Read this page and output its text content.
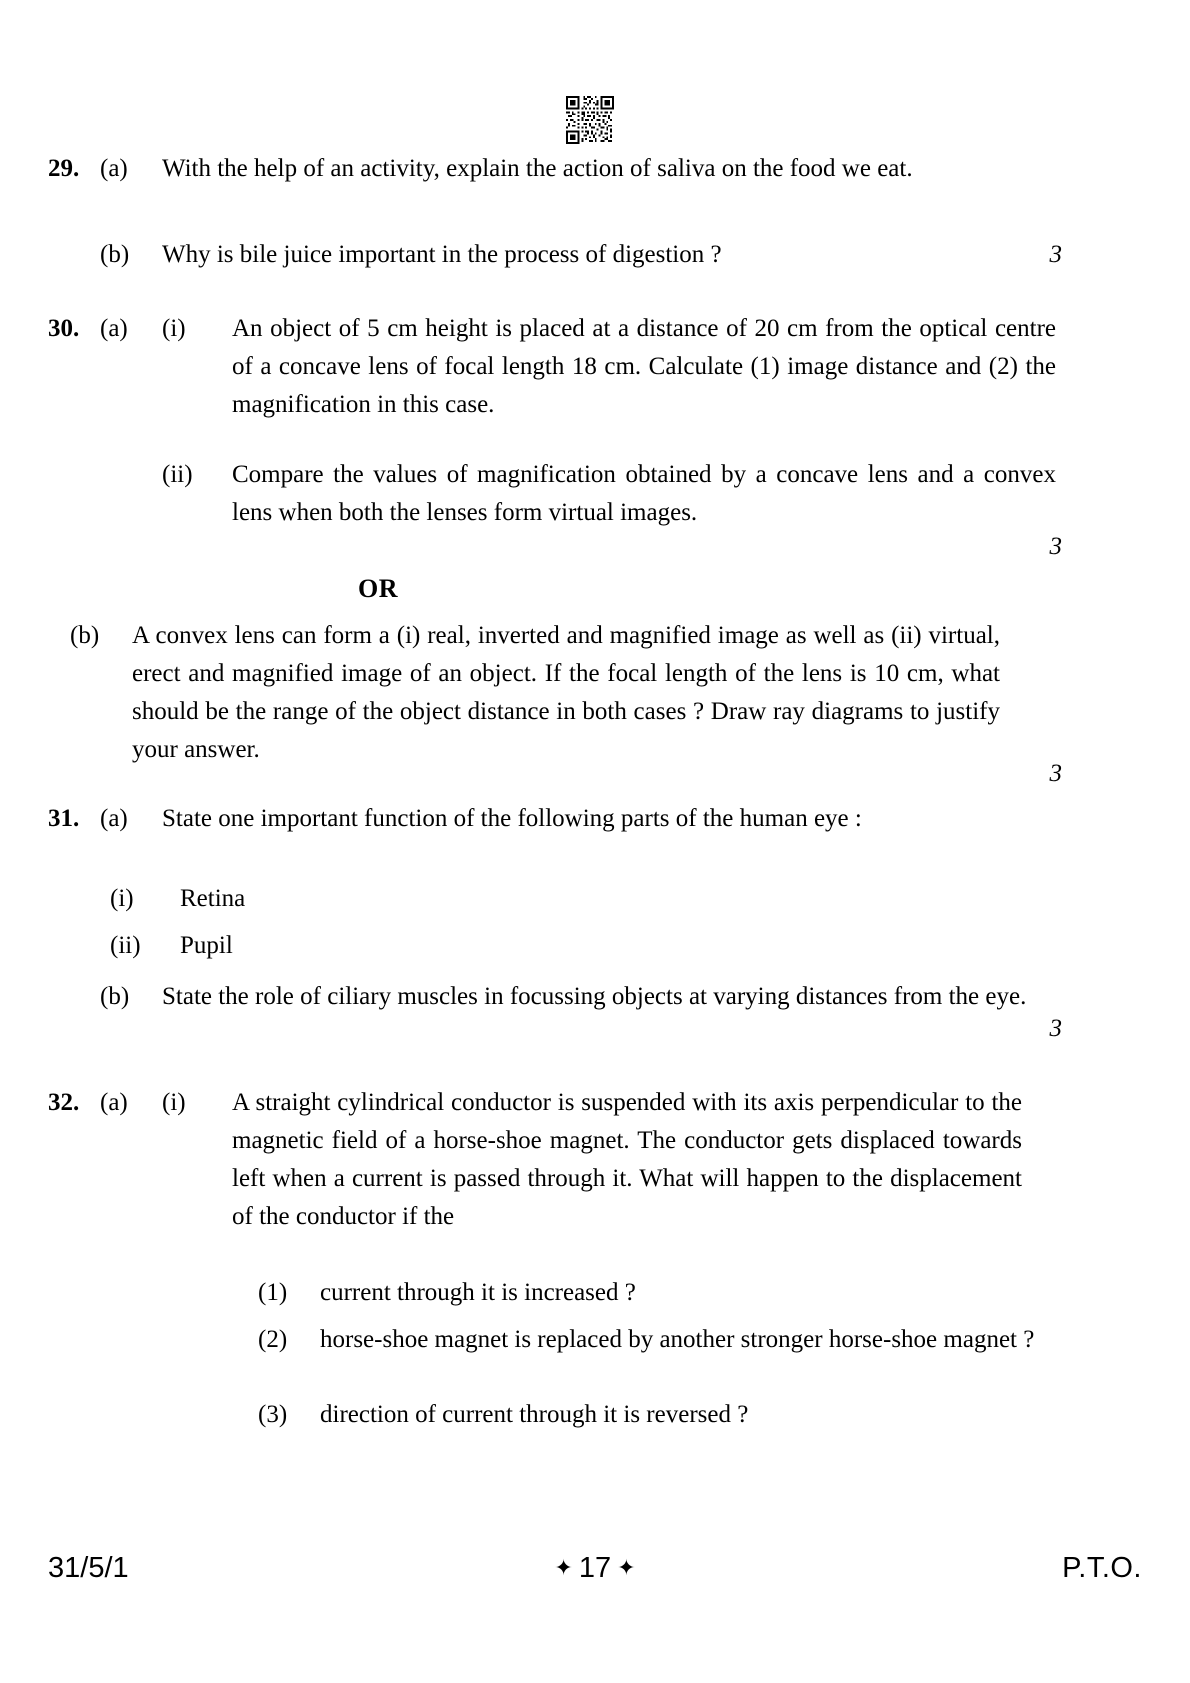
29. (a)	With the help of an activity, explain the action of saliva on the food we eat.
(b)	Why is bile juice important in the process of digestion ?	3
30. (a)	(i)	An object of 5 cm height is placed at a distance of 20 cm from the optical centre of a concave lens of focal length 18 cm. Calculate (1) image distance and (2) the magnification in this case.
(ii)	Compare the values of magnification obtained by a concave lens and a convex lens when both the lenses form virtual images.
3
OR
(b)	A convex lens can form a (i) real, inverted and magnified image as well as (ii) virtual, erect and magnified image of an object. If the focal length of the lens is 10 cm, what should be the range of the object distance in both cases ? Draw ray diagrams to justify your answer.
3
31. (a)	State one important function of the following parts of the human eye :
(i)	Retina
(ii)	Pupil
(b)	State the role of ciliary muscles in focussing objects at varying distances from the eye.
3
32. (a)	(i)	A straight cylindrical conductor is suspended with its axis perpendicular to the magnetic field of a horse-shoe magnet. The conductor gets displaced towards left when a current is passed through it. What will happen to the displacement of the conductor if the
(1)	current through it is increased ?
(2)	horse-shoe magnet is replaced by another stronger horse-shoe magnet ?
(3)	direction of current through it is reversed ?
31/5/1	✦ 17 ✦	P.T.O.
